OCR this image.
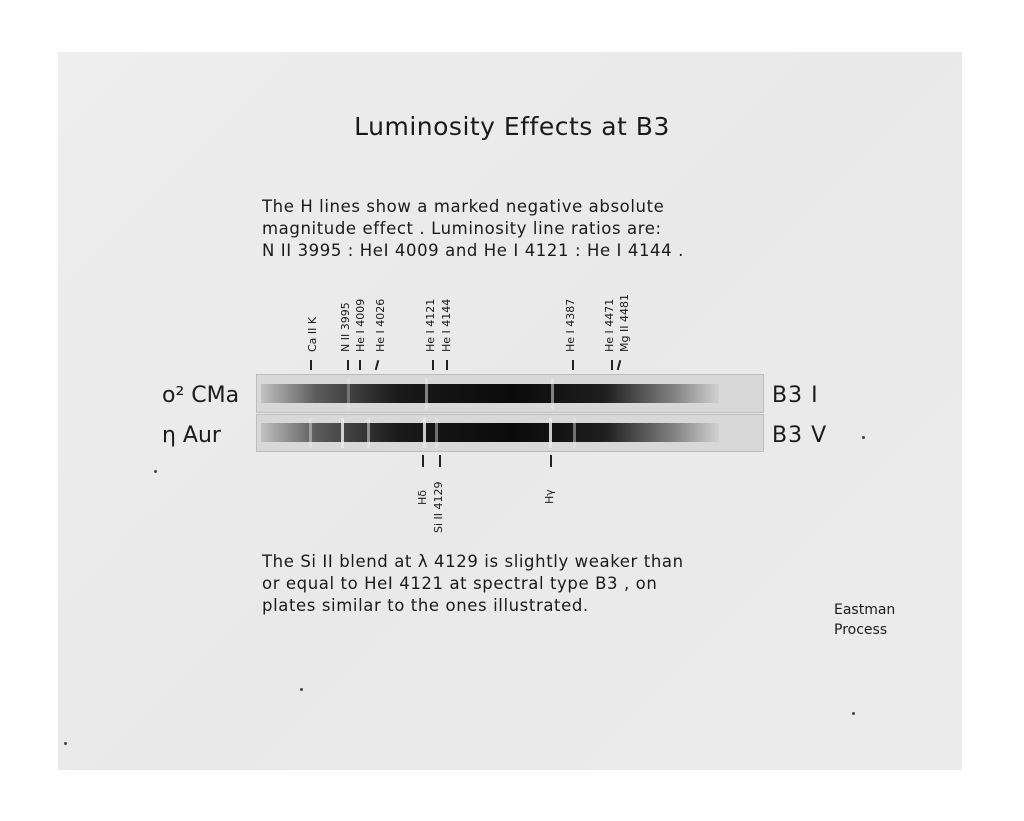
Luminosity Effects at B3
The H lines show a marked negative absolute
magnitude effect . Luminosity line ratios are:
N II 3995 : HeI 4009 and He I 4121 : He I 4144 .
Ca II K N II 3995 He I 4009 He I 4026	He I 4121 He I 4144	He I 4387 He I 4471 Mg II 4481
o² CMa
η Aur
B3 I
B3 V
Hδ Si II 4129	Hγ
The Si II blend at λ 4129 is slightly weaker than
or equal to HeI 4121 at spectral type B3 , on
plates similar to the ones illustrated.	Eastman
Process
